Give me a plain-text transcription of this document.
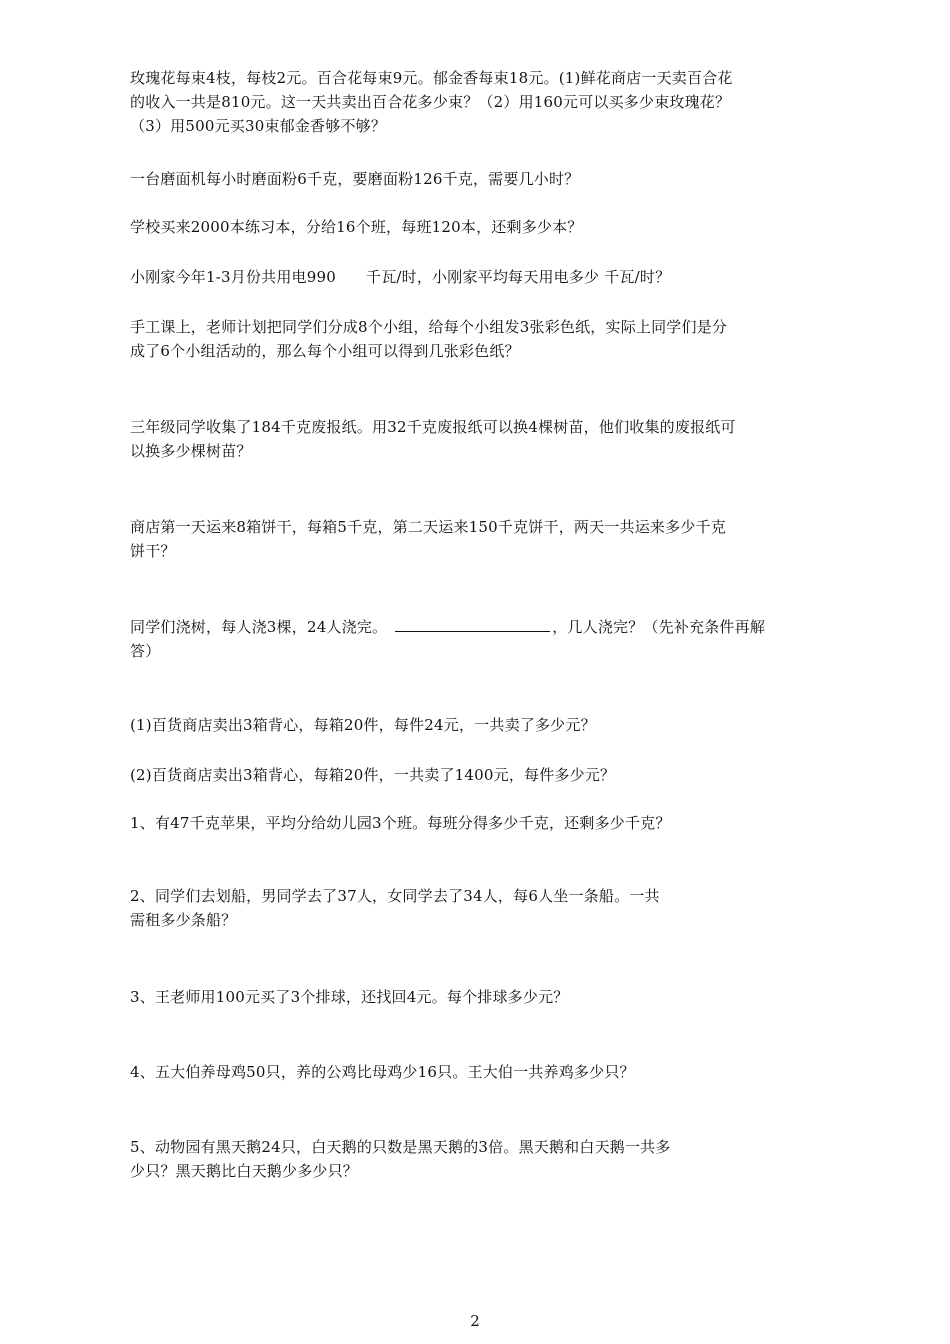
玫瑰花每束4枝，每枝2元。百合花每束9元。郁金香每束18元。(1)鲜花商店一天卖百合花
的收入一共是810元。这一天共卖出百合花多少束？（2）用160元可以买多少束玫瑰花？
（3）用500元买30束郁金香够不够？

一台磨面机每小时磨面粉6千克，要磨面粉126千克，需要几小时？

学校买来2000本练习本，分给16个班，每班120本，还剩多少本？

小刚家今年1-3月份共用电990 千瓦/时，小刚家平均每天用电多少 千瓦/时？

手工课上，老师计划把同学们分成8个小组，给每个小组发3张彩色纸，实际上同学们是分
成了6个小组活动的，那么每个小组可以得到几张彩色纸？

三年级同学收集了184千克废报纸。用32千克废报纸可以换4棵树苗，他们收集的废报纸可
以换多少棵树苗？

商店第一天运来8箱饼干，每箱5千克，第二天运来150千克饼干，两天一共运来多少千克
饼干？

同学们浇树，每人浇3棵，24人浇完。	，几人浇完？（先补充条件再解
答）

(1)百货商店卖出3箱背心，每箱20件，每件24元，一共卖了多少元？

(2)百货商店卖出3箱背心，每箱20件，一共卖了1400元，每件多少元？

1、有47千克苹果，平均分给幼儿园3个班。每班分得多少千克，还剩多少千克？

2、同学们去划船，男同学去了37人，女同学去了34人，每6人坐一条船。一共
需租多少条船？

3、王老师用100元买了3个排球，还找回4元。每个排球多少元？

4、五大伯养母鸡50只，养的公鸡比母鸡少16只。王大伯一共养鸡多少只？

5、动物园有黑天鹅24只，白天鹅的只数是黑天鹅的3倍。黑天鹅和白天鹅一共多
少只？黑天鹅比白天鹅少多少只？

2
